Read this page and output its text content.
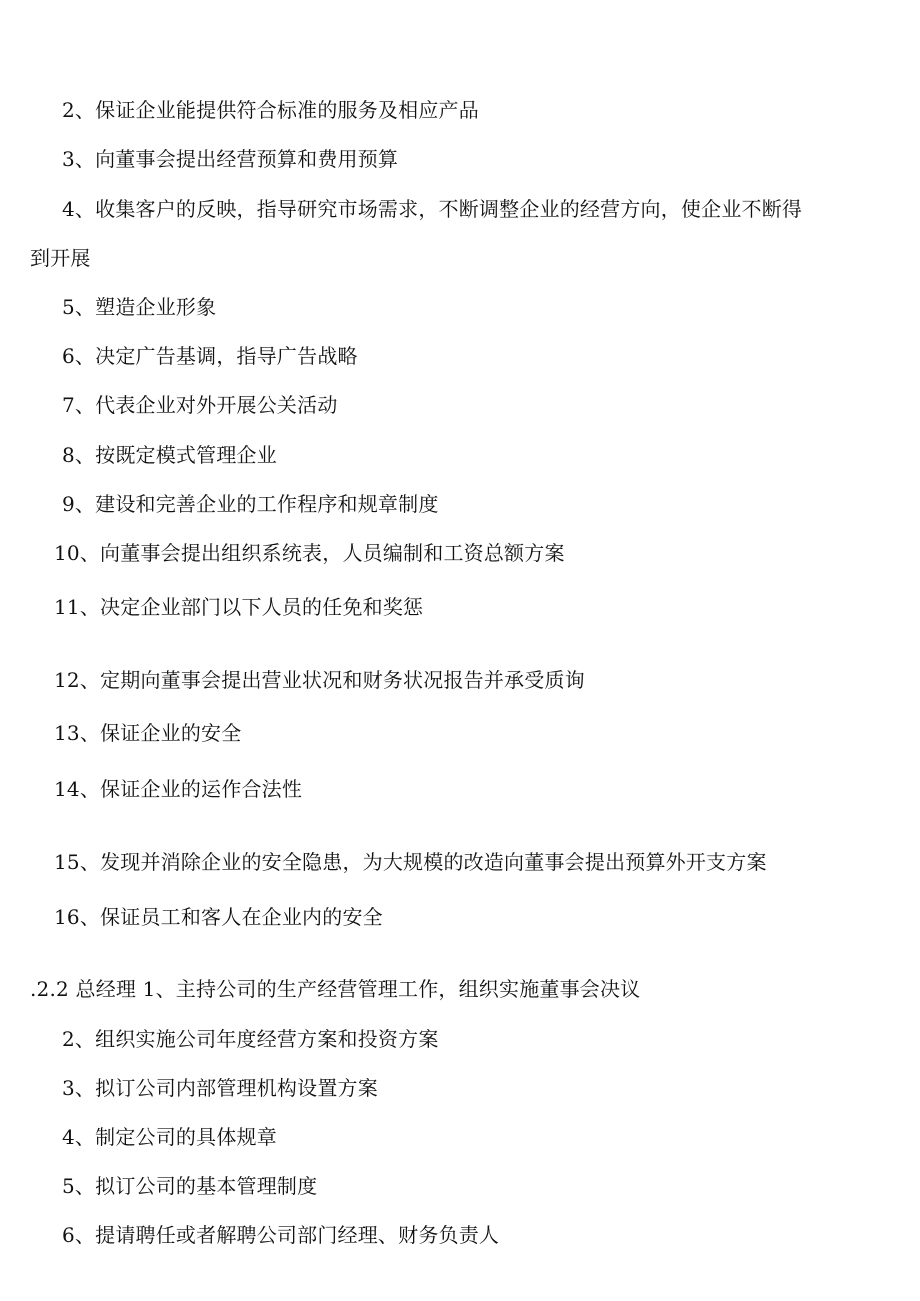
2、保证企业能提供符合标准的服务及相应产品
3、向董事会提出经营预算和费用预算
4、收集客户的反映，指导研究市场需求，不断调整企业的经营方向，使企业不断得
到开展
5、塑造企业形象
6、决定广告基调，指导广告战略
7、代表企业对外开展公关活动
8、按既定模式管理企业
9、建设和完善企业的工作程序和规章制度
10、向董事会提出组织系统表，人员编制和工资总额方案
11、决定企业部门以下人员的任免和奖惩
12、定期向董事会提出营业状况和财务状况报告并承受质询
13、保证企业的安全
14、保证企业的运作合法性
15、发现并消除企业的安全隐患，为大规模的改造向董事会提出预算外开支方案
16、保证员工和客人在企业内的安全
.2.2 总经理 1、主持公司的生产经营管理工作，组织实施董事会决议
2、组织实施公司年度经营方案和投资方案
3、拟订公司内部管理机构设置方案
4、制定公司的具体规章
5、拟订公司的基本管理制度
6、提请聘任或者解聘公司部门经理、财务负责人
